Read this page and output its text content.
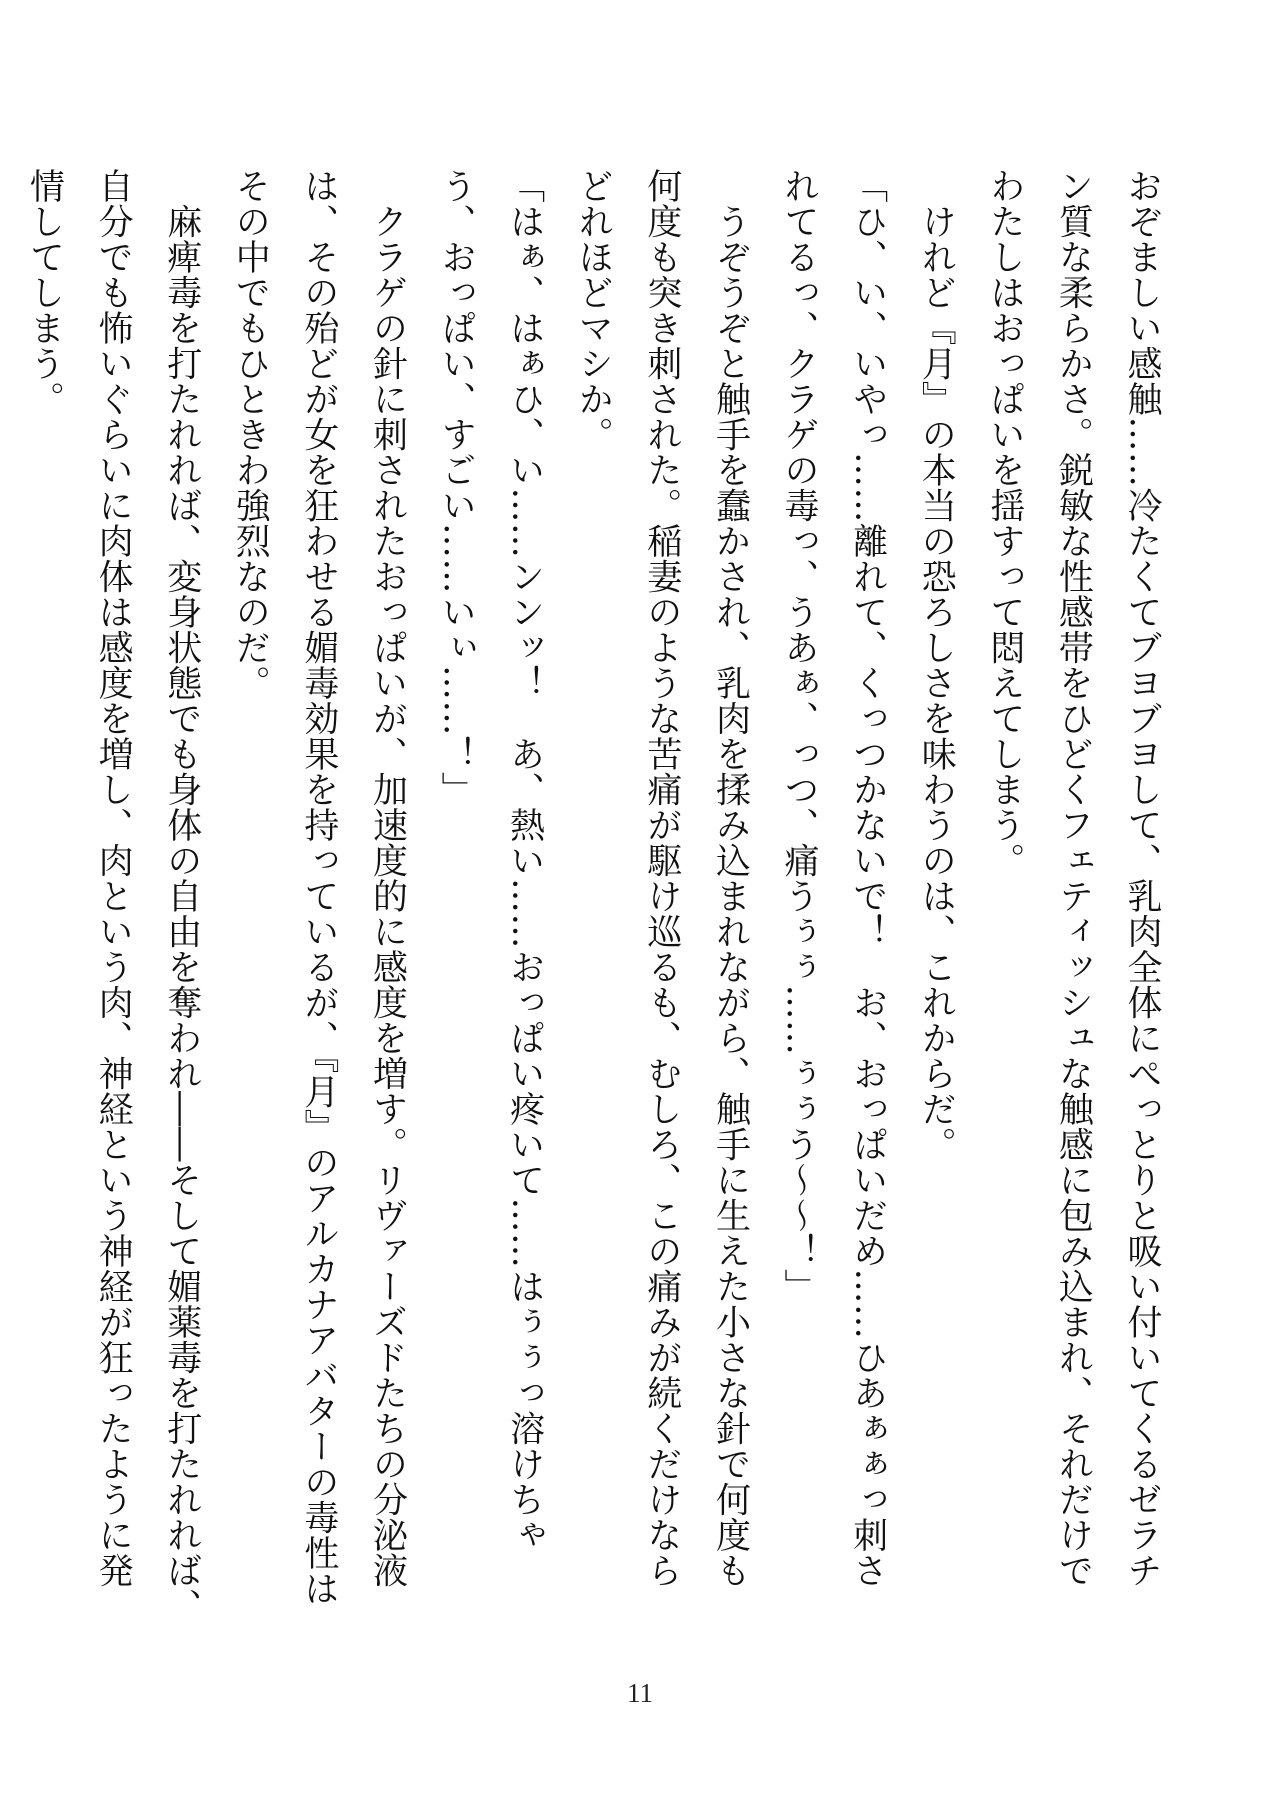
おぞましい感触……冷たくてブヨブヨして、乳肉全体にぺっとりと吸い付いてくるゼラチ
ン質な柔らかさ。鋭敏な性感帯をひどくフェティッシュな触感に包み込まれ、それだけで
わたしはおっぱいを揺すって悶えてしまう。
　けれど『月』の本当の恐ろしさを味わうのは、これからだ。
「ひ、い、いやっ……離れて、くっつかないで！　お、おっぱいだめ……ひあぁぁっ刺さ
れてるっ、クラゲの毒っ、うあぁ、っつ、痛うぅぅ……ぅぅう〜〜！」
　うぞうぞと触手を蠢かされ、乳肉を揉み込まれながら、触手に生えた小さな針で何度も
何度も突き刺された。稲妻のような苦痛が駆け巡るも、むしろ、この痛みが続くだけなら
どれほどマシか。
「はぁ、はぁひ、い……ンンッ！　あ、熱い……おっぱい疼いて……はぅぅっ溶けちゃ
う、おっぱい、すごい……いぃ……！」
　クラゲの針に刺されたおっぱいが、加速度的に感度を増す。リヴァーズドたちの分泌液
は、その殆どが女を狂わせる媚毒効果を持っているが、『月』のアルカナアバターの毒性は
その中でもひときわ強烈なのだ。
　麻痺毒を打たれれば、変身状態でも身体の自由を奪われ――そして媚薬毒を打たれれば、
自分でも怖いぐらいに肉体は感度を増し、肉という肉、神経という神経が狂ったように発
情してしまう。
11
